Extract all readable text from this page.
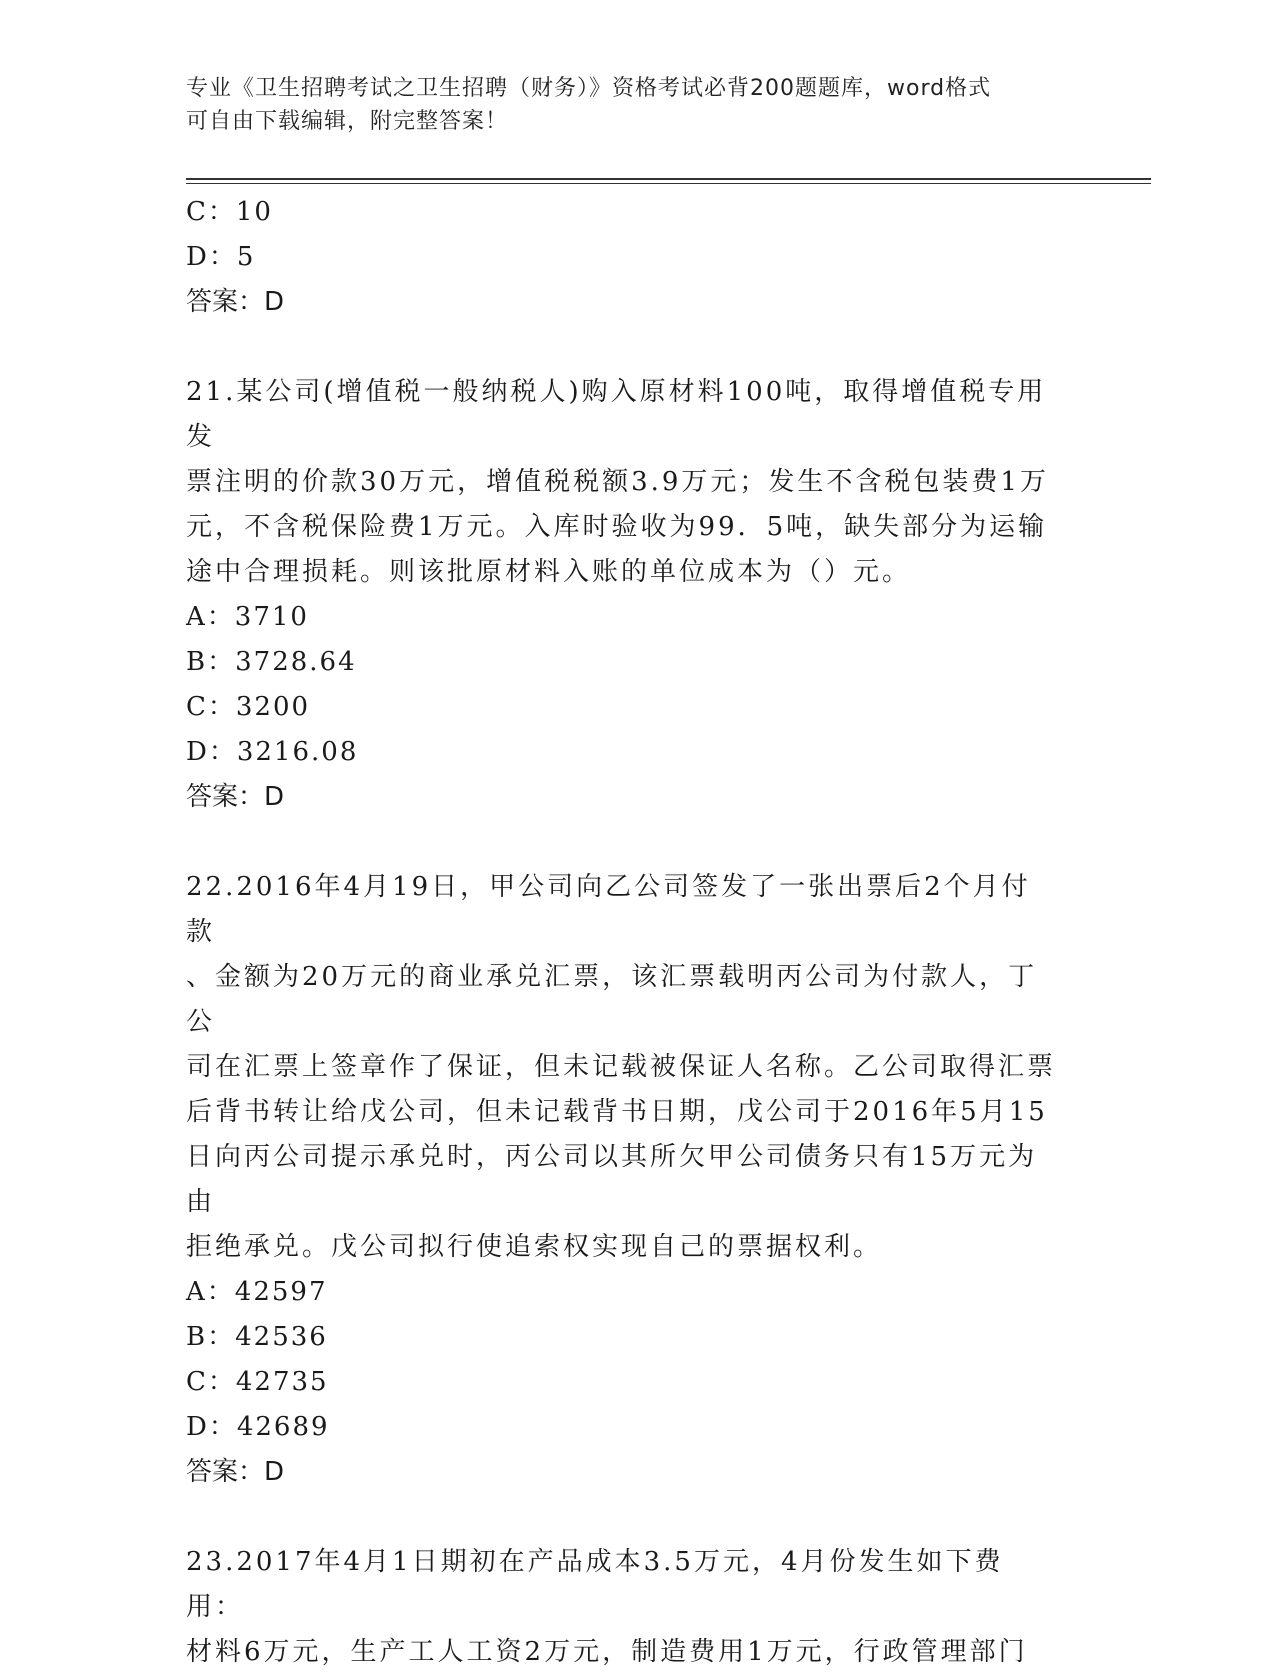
专业《卫生招聘考试之卫生招聘（财务）》资格考试必背200题题库，word格式
可自由下载编辑，附完整答案！
C：10
D：5
答案：D
21.某公司(增值税一般纳税人)购入原材料100吨，取得增值税专用发
票注明的价款30万元，增值税税额3.9万元；发生不含税包装费1万
元，不含税保险费1万元。入库时验收为99．5吨，缺失部分为运输
途中合理损耗。则该批原材料入账的单位成本为（）元。
A：3710
B：3728.64
C：3200
D：3216.08
答案：D
22.2016年4月19日，甲公司向乙公司签发了一张出票后2个月付款
、金额为20万元的商业承兑汇票，该汇票载明丙公司为付款人，丁公
司在汇票上签章作了保证，但未记载被保证人名称。乙公司取得汇票
后背书转让给戊公司，但未记载背书日期，戊公司于2016年5月15
日向丙公司提示承兑时，丙公司以其所欠甲公司债务只有15万元为由
拒绝承兑。戊公司拟行使追索权实现自己的票据权利。
A：42597
B：42536
C：42735
D：42689
答案：D
23.2017年4月1日期初在产品成本3.5万元，4月份发生如下费用：
材料6万元，生产工人工资2万元，制造费用1万元，行政管理部门
